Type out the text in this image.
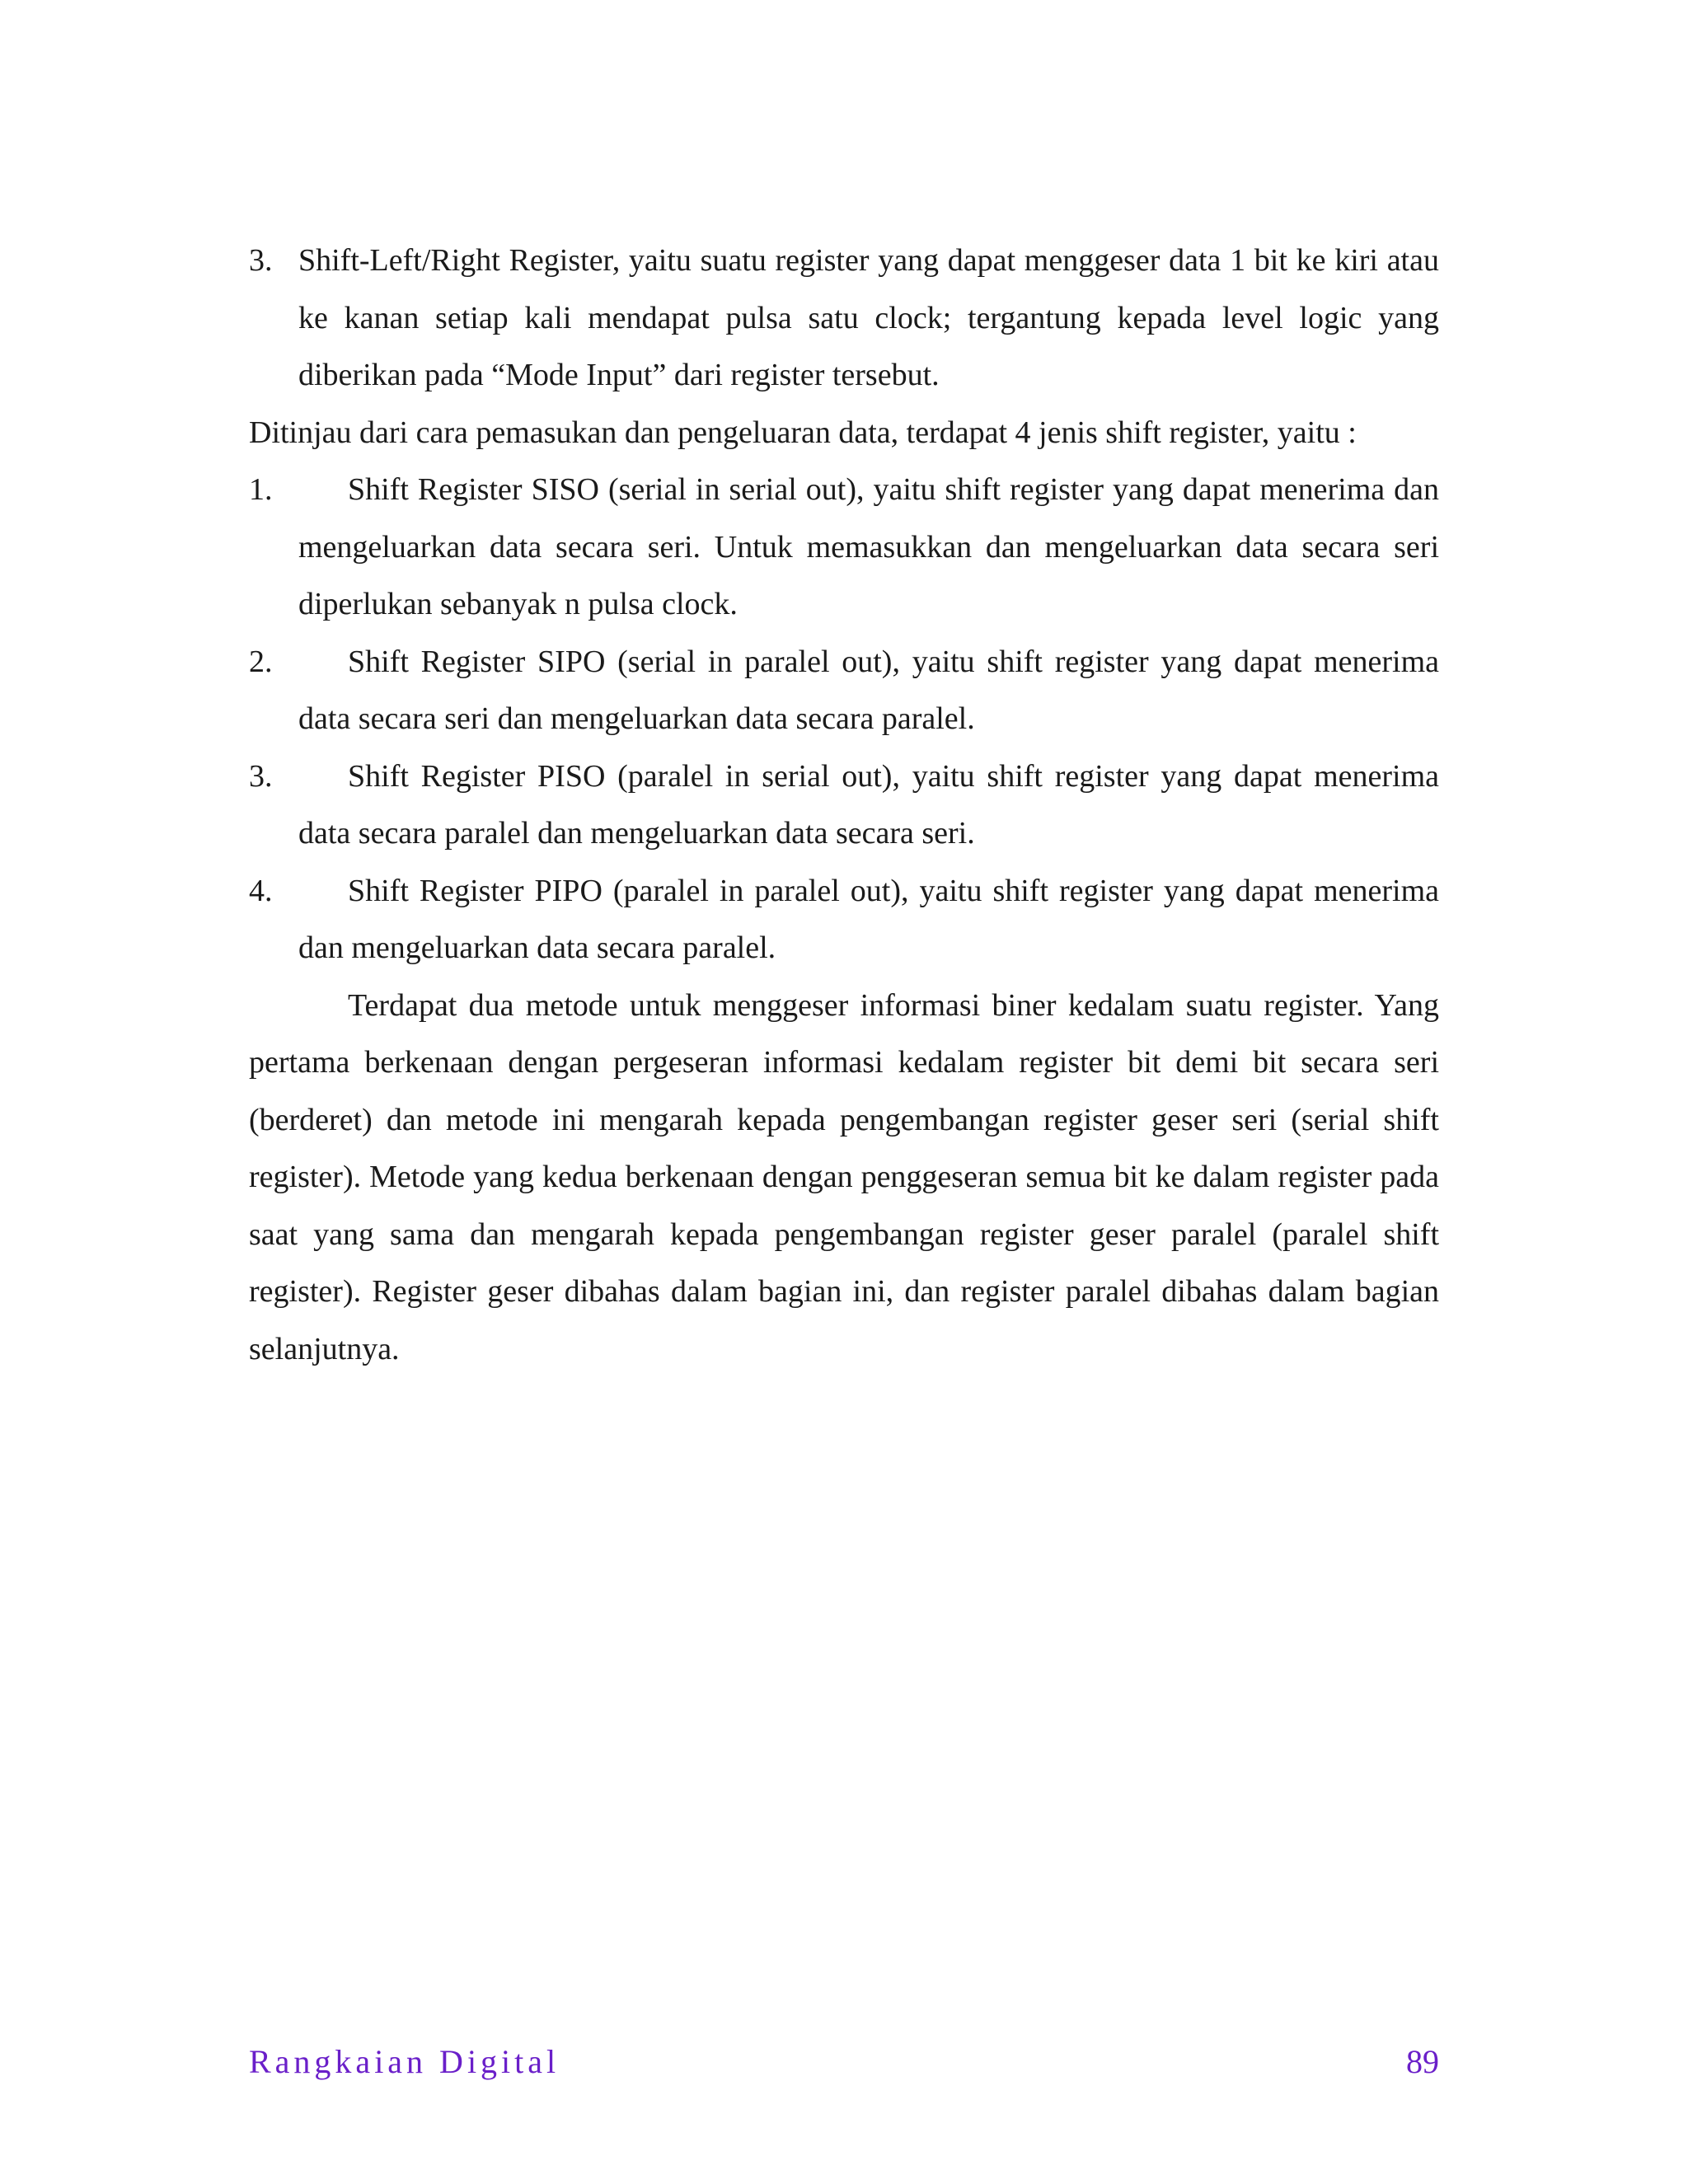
3. Shift-Left/Right Register, yaitu suatu register yang dapat menggeser data 1 bit ke kiri atau ke kanan setiap kali mendapat pulsa satu clock; tergantung kepada level logic yang diberikan pada “Mode Input” dari register tersebut.
Ditinjau dari cara pemasukan dan pengeluaran data, terdapat 4 jenis shift register, yaitu :
1. Shift Register SISO (serial in serial out), yaitu shift register yang dapat menerima dan mengeluarkan data secara seri. Untuk memasukkan dan mengeluarkan data secara seri diperlukan sebanyak n pulsa clock.
2. Shift Register SIPO (serial in paralel out), yaitu shift register yang dapat menerima data secara seri dan mengeluarkan data secara paralel.
3. Shift Register PISO (paralel in serial out), yaitu shift register yang dapat menerima data secara paralel dan mengeluarkan data secara seri.
4. Shift Register PIPO (paralel in paralel out), yaitu shift register yang dapat menerima dan mengeluarkan data secara paralel.
Terdapat dua metode untuk menggeser informasi biner kedalam suatu register. Yang pertama berkenaan dengan pergeseran informasi kedalam register bit demi bit secara seri (berderet) dan metode ini mengarah kepada pengembangan register geser seri (serial shift register). Metode yang kedua berkenaan dengan penggeseran semua bit ke dalam register pada saat yang sama dan mengarah kepada pengembangan register geser paralel (paralel shift register). Register geser dibahas dalam bagian ini, dan register paralel dibahas dalam bagian selanjutnya.
Rangkaian Digital	89
